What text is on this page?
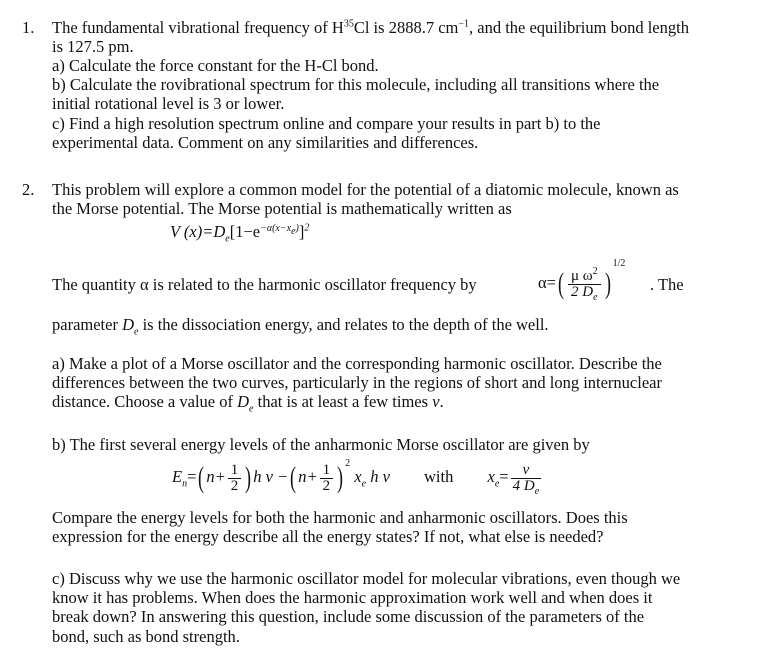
1. The fundamental vibrational frequency of $H^{35}Cl$ is 2888.7 $cm^{-1}$, and the equilibrium bond length
is 127.5 pm.
a) Calculate the force constant for the H-Cl bond.
b) Calculate the rovibrational spectrum for this molecule, including all transitions where the
initial rotational level is 3 or lower.
c) Find a high resolution spectrum online and compare your results in part b) to the
experimental data. Comment on any similarities and differences.
2. This problem will explore a common model for the potential of a diatomic molecule, known as
the Morse potential. The Morse potential is mathematically written as
V $(x)=D_e[1-e^{-\alpha(x-x_e)}]^2$
The quantity α is related to the harmonic oscillator frequency by	$\alpha=( \frac{\mu \omega^2}{2 D_e} )^{1/2}$
. The
parameter $D_e$ is the dissociation energy, and relates to the depth of the well.
a) Make a plot of a Morse oscillator and the corresponding harmonic oscillator. Describe the
differences between the two curves, particularly in the regions of short and long internuclear
distance. Choose a value of $D_e$ that is at least a few times ν.
b) The first several energy levels of the anharmonic Morse oscillator are given by
$E_n=$( $n+ \frac{1}{2}$ ) h ν −( $n+ \frac{1}{2}$ ) $^2$ $x_e$ h ν with $x_e= \frac{\nu}{4 D_e}$
Compare the energy levels for both the harmonic and anharmonic oscillators. Does this
expression for the energy describe all the energy states? If not, what else is needed?
c) Discuss why we use the harmonic oscillator model for molecular vibrations, even though we
know it has problems. When does the harmonic approximation work well and when does it
break down? In answering this question, include some discussion of the parameters of the
bond, such as bond strength.
